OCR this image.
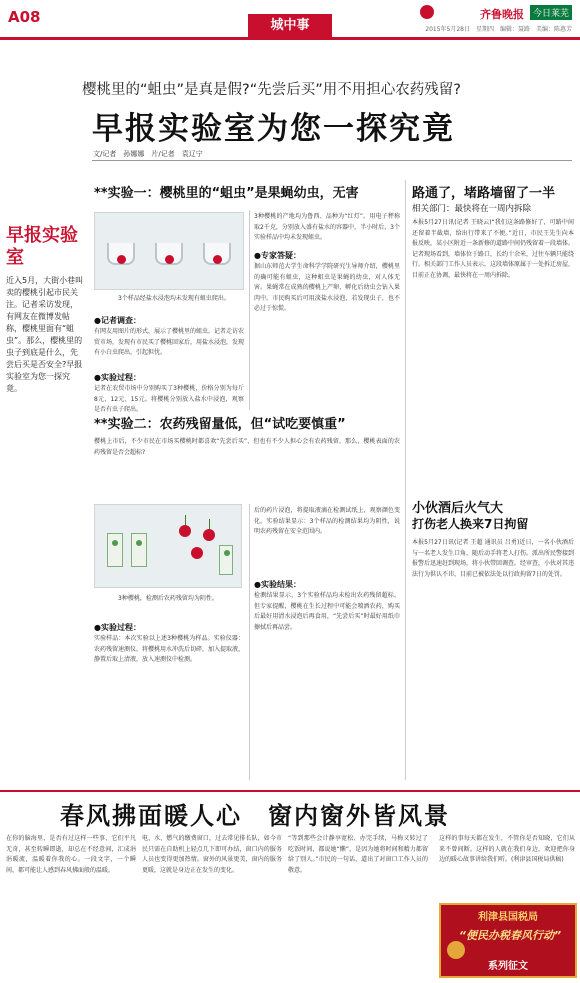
A08	城中事
齐鲁晚报 今日莱芜
2015年5月28日　星期四　编辑：聂路　美编：陈惠芳
樱桃里的“蛆虫”是真是假?“先尝后买”用不用担心农药残留?
早报实验室为您一探究竟
文/记者　孙娜娜　片/记者　袁辽宁
早报实验室
近入5月，大街小巷叫卖的樱桃引起市民关注。记者采访发现，有网友在微博发帖称，樱桃里面有“蛆虫”。那么，樱桃里的虫子到底是什么，先尝后买是否安全?早报实验室为您一探究竟。
**实验一：樱桃里的“蛆虫”是果蝇幼虫，无害
3个样品经盐水浸泡均未发现有蛆虫爬出。
●记者调查：
有网友用图片的形式，展示了樱桃里的蛆虫。记者走访农贸市场，发现有市民买了樱桃回家后，用盐水浸泡，发现有小白虫爬出，引起担忧。
●实验过程：
记者在农贸市场中分别购买了3种樱桃，价格分别为每斤8元、12元、15元。将樱桃分别放入盐水中浸泡，观察是否有虫子爬出。
3种樱桃的产地均为鲁西、品种为“红灯”。用电子秤称取2千克，分别放入盛有盐水的容器中，半小时后，3个实验样品中均未发现蛆虫。
●专家答疑：
据山东师范大学生命科学学院研究生导师介绍，樱桃里的确可能有蛆虫，这种蛆虫是果蝇的幼虫，对人体无害。果蝇常在成熟的樱桃上产卵，孵化后幼虫会钻入果肉中。市民购买后可用淡盐水浸泡，若发现虫子，也不必过于惊慌。
**实验二：农药残留量低，但“试吃要慎重”
樱桃上市后，不少市民在市场买樱桃时都喜欢“先尝后买”，但也有不少人担心会有农药残留。那么，樱桃表面的农药残留是否会超标?
3种樱桃，检测后农药残留均为阴性。
●实验过程：
实验样品：本次实验以上述3种樱桃为样品。实验仪器：农药残留速测仪。将樱桃用水冲洗后切碎，加入提取液，静置后取上清液，放入速测仪中检测。
后的药片浸泡，将提取液滴在检测试纸上，观察颜色变化。实验结果显示：3个样品的检测结果均为阴性，说明农药残留在安全范围内。
●实验结果：
检测结果显示，3个实验样品均未检出农药残留超标。但专家提醒，樱桃在生长过程中可能会喷洒农药，购买后最好用清水浸泡后再食用，“先尝后买”时最好用纸巾擦拭后再品尝。
路通了，堵路墙留了一半
相关部门：最快将在一周内拆除
本报5月27日讯(记者 王晓云)“我们这条路修好了，可路中间还留着半截墙，给出行带来了不便。”近日，市民王先生向本报反映，某小区附近一条新修的道路中间仍残留着一段墙体。记者现场看到，墙体位于路口，长约十余米，过往车辆只能绕行。相关部门工作人员表示，这段墙体原属于一处拆迁房屋，目前正在协调，最快将在一周内拆除。
小伙酒后火气大
打伤老人换来7日拘留
本报5月27日讯(记者 王超 通讯员 吕勇)近日，一名小伙酒后与一名老人发生口角，随后动手将老人打伤。派出所民警接到报警后迅速赶到现场，将小伙带回调查。经审查，小伙对其违法行为供认不讳，目前已被依法处以行政拘留7日的处罚。
春风拂面暖人心　窗内窗外皆风景
在你的脑海里，是否有过这样一些事，它们平凡无奇，甚至转瞬即逝，却总在不经意间，汇成涓涓暖流，温暖着你我的心。一段文字，一个瞬间，都可能让人感到春风拂面般的温暖。
电、水、燃气的缴费窗口，过去常见排长队，如今市民只需在自助机上轻点几下即可办结，窗口内的服务人员也变得更加热情。窗外的风景更美，窗内的服务更暖，这就是身边正在发生的变化。
“等到那些会计静享宽松、办完手续，马梅又转过了吃饭时间，都说她“懒”，是因为她将时间和精力都留给了别人。”市民的一句话，道出了对窗口工作人员的敬意。
这样的事每天都在发生，不管你是否知晓，它们从来不曾间断。这样的人就在我们身边，欢迎把你身边的暖心故事讲给我们听。(利津县国税局供稿)
利津县国税局
“便民办税春风行动”
系列征文
